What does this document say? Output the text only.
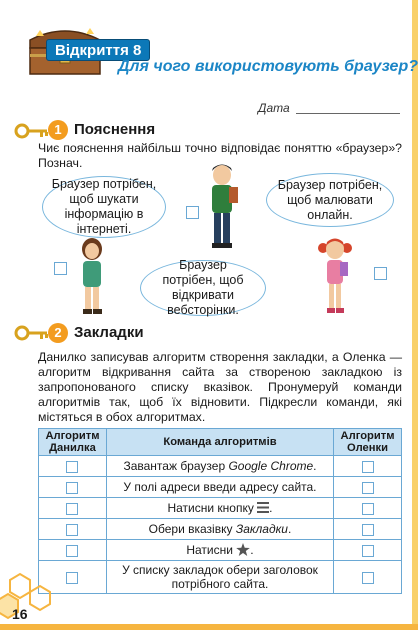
Відкриття 8
Для чого використовують браузер?
Дата
1 Пояснення
Чиє пояснення найбільш точно відповідає поняттю «браузер»? Познач.
Браузер потрібен, щоб шукати інформацію в інтернеті.
Браузер потрібен, щоб малювати онлайн.
Браузер потрібен, щоб відкривати вебсторінки.
2 Закладки
Данилко записував алгоритм створення закладки, а Оленка — алгоритм відкривання сайта за створеною закладкою із запропонованого списку вказівок. Пронумеруй команди алгоритмів так, щоб їх відновити. Підкресли команди, які містяться в обох алгоритмах.
Алгоритм Данилка	Команда алгоритмів	Алгоритм Оленки
	Завантаж браузер Google Chrome.	
	У полі адреси введи адресу сайта.	
	Натисни кнопку .	
	Обери вказівку Закладки.	
	Натисни .	
	У списку закладок обери заголовок потрібного сайта.	
16
